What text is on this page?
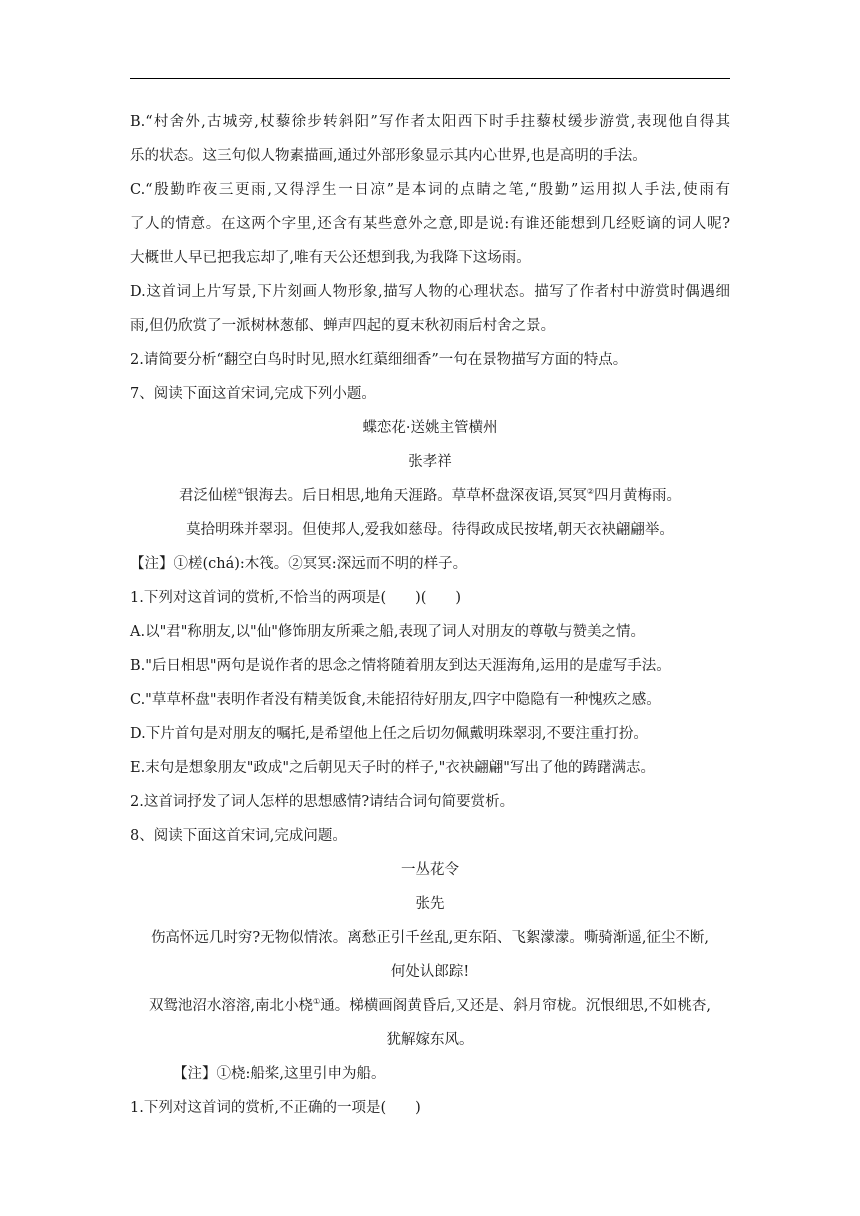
B.“村舍外,古城旁,杖藜徐步转斜阳”写作者太阳西下时手拄藜杖缓步游赏,表现他自得其
乐的状态。这三句似人物素描画,通过外部形象显示其内心世界,也是高明的手法。
C.“殷勤昨夜三更雨,又得浮生一日凉”是本词的点睛之笔,“殷勤”运用拟人手法,使雨有
了人的情意。在这两个字里,还含有某些意外之意,即是说:有谁还能想到几经贬谪的词人呢?
大概世人早已把我忘却了,唯有天公还想到我,为我降下这场雨。
D.这首词上片写景,下片刻画人物形象,描写人物的心理状态。描写了作者村中游赏时偶遇细
雨,但仍欣赏了一派树林葱郁、蝉声四起的夏末秋初雨后村舍之景。
2.请简要分析“翻空白鸟时时见,照水红蕖细细香”一句在景物描写方面的特点。
7、阅读下面这首宋词,完成下列小题。
蝶恋花·送姚主管横州
张孝祥
君泛仙槎①银海去。后日相思,地角天涯路。草草杯盘深夜语,冥冥②四月黄梅雨。
莫拾明珠并翠羽。但使邦人,爱我如慈母。待得政成民按堵,朝天衣袂翩翩举。
【注】①槎(chá):木筏。②冥冥:深远而不明的样子。
1.下列对这首词的赏析,不恰当的两项是(　　)(　　)
A.以"君"称朋友,以"仙"修饰朋友所乘之船,表现了词人对朋友的尊敬与赞美之情。
B."后日相思"两句是说作者的思念之情将随着朋友到达天涯海角,运用的是虚写手法。
C."草草杯盘"表明作者没有精美饭食,未能招待好朋友,四字中隐隐有一种愧疚之感。
D.下片首句是对朋友的嘱托,是希望他上任之后切勿佩戴明珠翠羽,不要注重打扮。
E.末句是想象朋友"政成"之后朝见天子时的样子,"衣袂翩翩"写出了他的踌躇满志。
2.这首词抒发了词人怎样的思想感情?请结合词句简要赏析。
8、阅读下面这首宋词,完成问题。
一丛花令
张先
伤高怀远几时穷?无物似情浓。离愁正引千丝乱,更东陌、飞絮濛濛。嘶骑渐遥,征尘不断,
何处认郎踪!
双鸳池沼水溶溶,南北小桡①通。梯横画阁黄昏后,又还是、斜月帘栊。沉恨细思,不如桃杏,
犹解嫁东风。
【注】①桡:船桨,这里引申为船。
1.下列对这首词的赏析,不正确的一项是(　　)
